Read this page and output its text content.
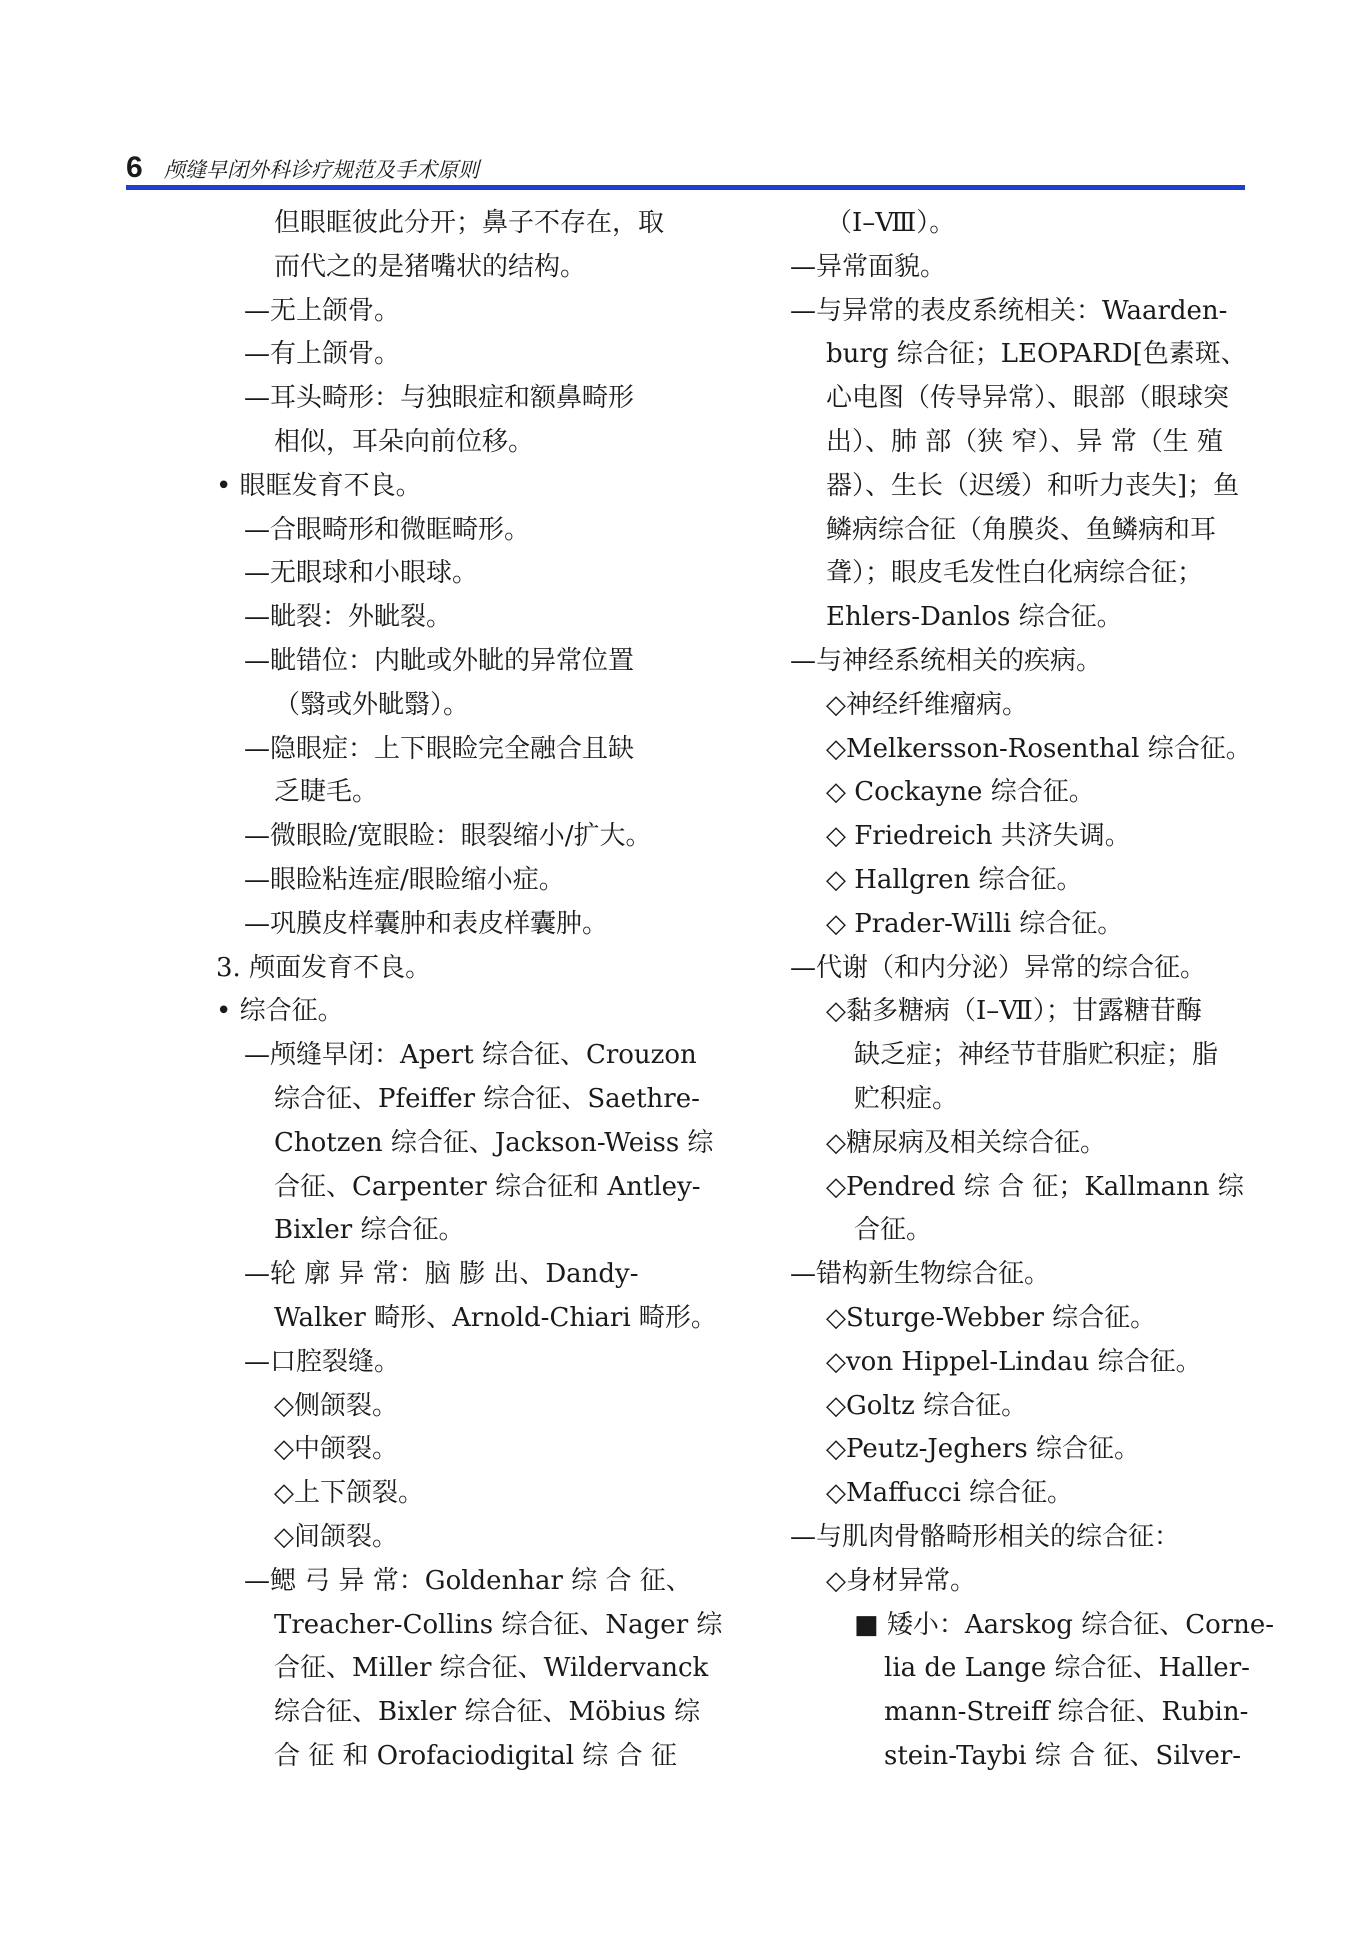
6 颅缝早闭外科诊疗规范及手术原则
但眼眶彼此分开；鼻子不存在，取
而代之的是猪嘴状的结构。
—无上颌骨。
—有上颌骨。
—耳头畸形：与独眼症和额鼻畸形
相似，耳朵向前位移。
• 眼眶发育不良。
—合眼畸形和微眶畸形。
—无眼球和小眼球。
—眦裂：外眦裂。
—眦错位：内眦或外眦的异常位置
（翳或外眦翳）。
—隐眼症：上下眼睑完全融合且缺
乏睫毛。
—微眼睑/宽眼睑：眼裂缩小/扩大。
—眼睑粘连症/眼睑缩小症。
—巩膜皮样囊肿和表皮样囊肿。
3. 颅面发育不良。
• 综合征。
—颅缝早闭：Apert 综合征、Crouzon
综合征、Pfeiffer 综合征、Saethre-
Chotzen 综合征、Jackson-Weiss 综
合征、Carpenter 综合征和 Antley-
Bixler 综合征。
—轮 廓 异 常：脑 膨 出、Dandy-
Walker 畸形、Arnold-Chiari 畸形。
—口腔裂缝。
◇侧颌裂。
◇中颌裂。
◇上下颌裂。
◇间颌裂。
—鳃 弓 异 常：Goldenhar 综 合 征、
Treacher-Collins 综合征、Nager 综
合征、Miller 综合征、Wildervanck
综合征、Bixler 综合征、Möbius 综
合 征 和 Orofaciodigital 综 合 征
（Ⅰ–Ⅷ）。
—异常面貌。
—与异常的表皮系统相关：Waarden-
burg 综合征；LEOPARD[色素斑、
心电图（传导异常）、眼部（眼球突
出）、肺 部（狭 窄）、异 常（生 殖
器）、生长（迟缓）和听力丧失]；鱼
鳞病综合征（角膜炎、鱼鳞病和耳
聋）；眼皮毛发性白化病综合征；
Ehlers-Danlos 综合征。
—与神经系统相关的疾病。
◇神经纤维瘤病。
◇Melkersson-Rosenthal 综合征。
◇ Cockayne 综合征。
◇ Friedreich 共济失调。
◇ Hallgren 综合征。
◇ Prader-Willi 综合征。
—代谢（和内分泌）异常的综合征。
◇黏多糖病（Ⅰ–Ⅶ）；甘露糖苷酶
缺乏症；神经节苷脂贮积症；脂
贮积症。
◇糖尿病及相关综合征。
◇Pendred 综 合 征；Kallmann 综
合征。
—错构新生物综合征。
◇Sturge-Webber 综合征。
◇von Hippel-Lindau 综合征。
◇Goltz 综合征。
◇Peutz-Jeghers 综合征。
◇Maffucci 综合征。
—与肌肉骨骼畸形相关的综合征：
◇身材异常。
■ 矮小：Aarskog 综合征、Corne-
lia de Lange 综合征、Haller-
mann-Streiff 综合征、Rubin-
stein-Taybi 综 合 征、Silver-
